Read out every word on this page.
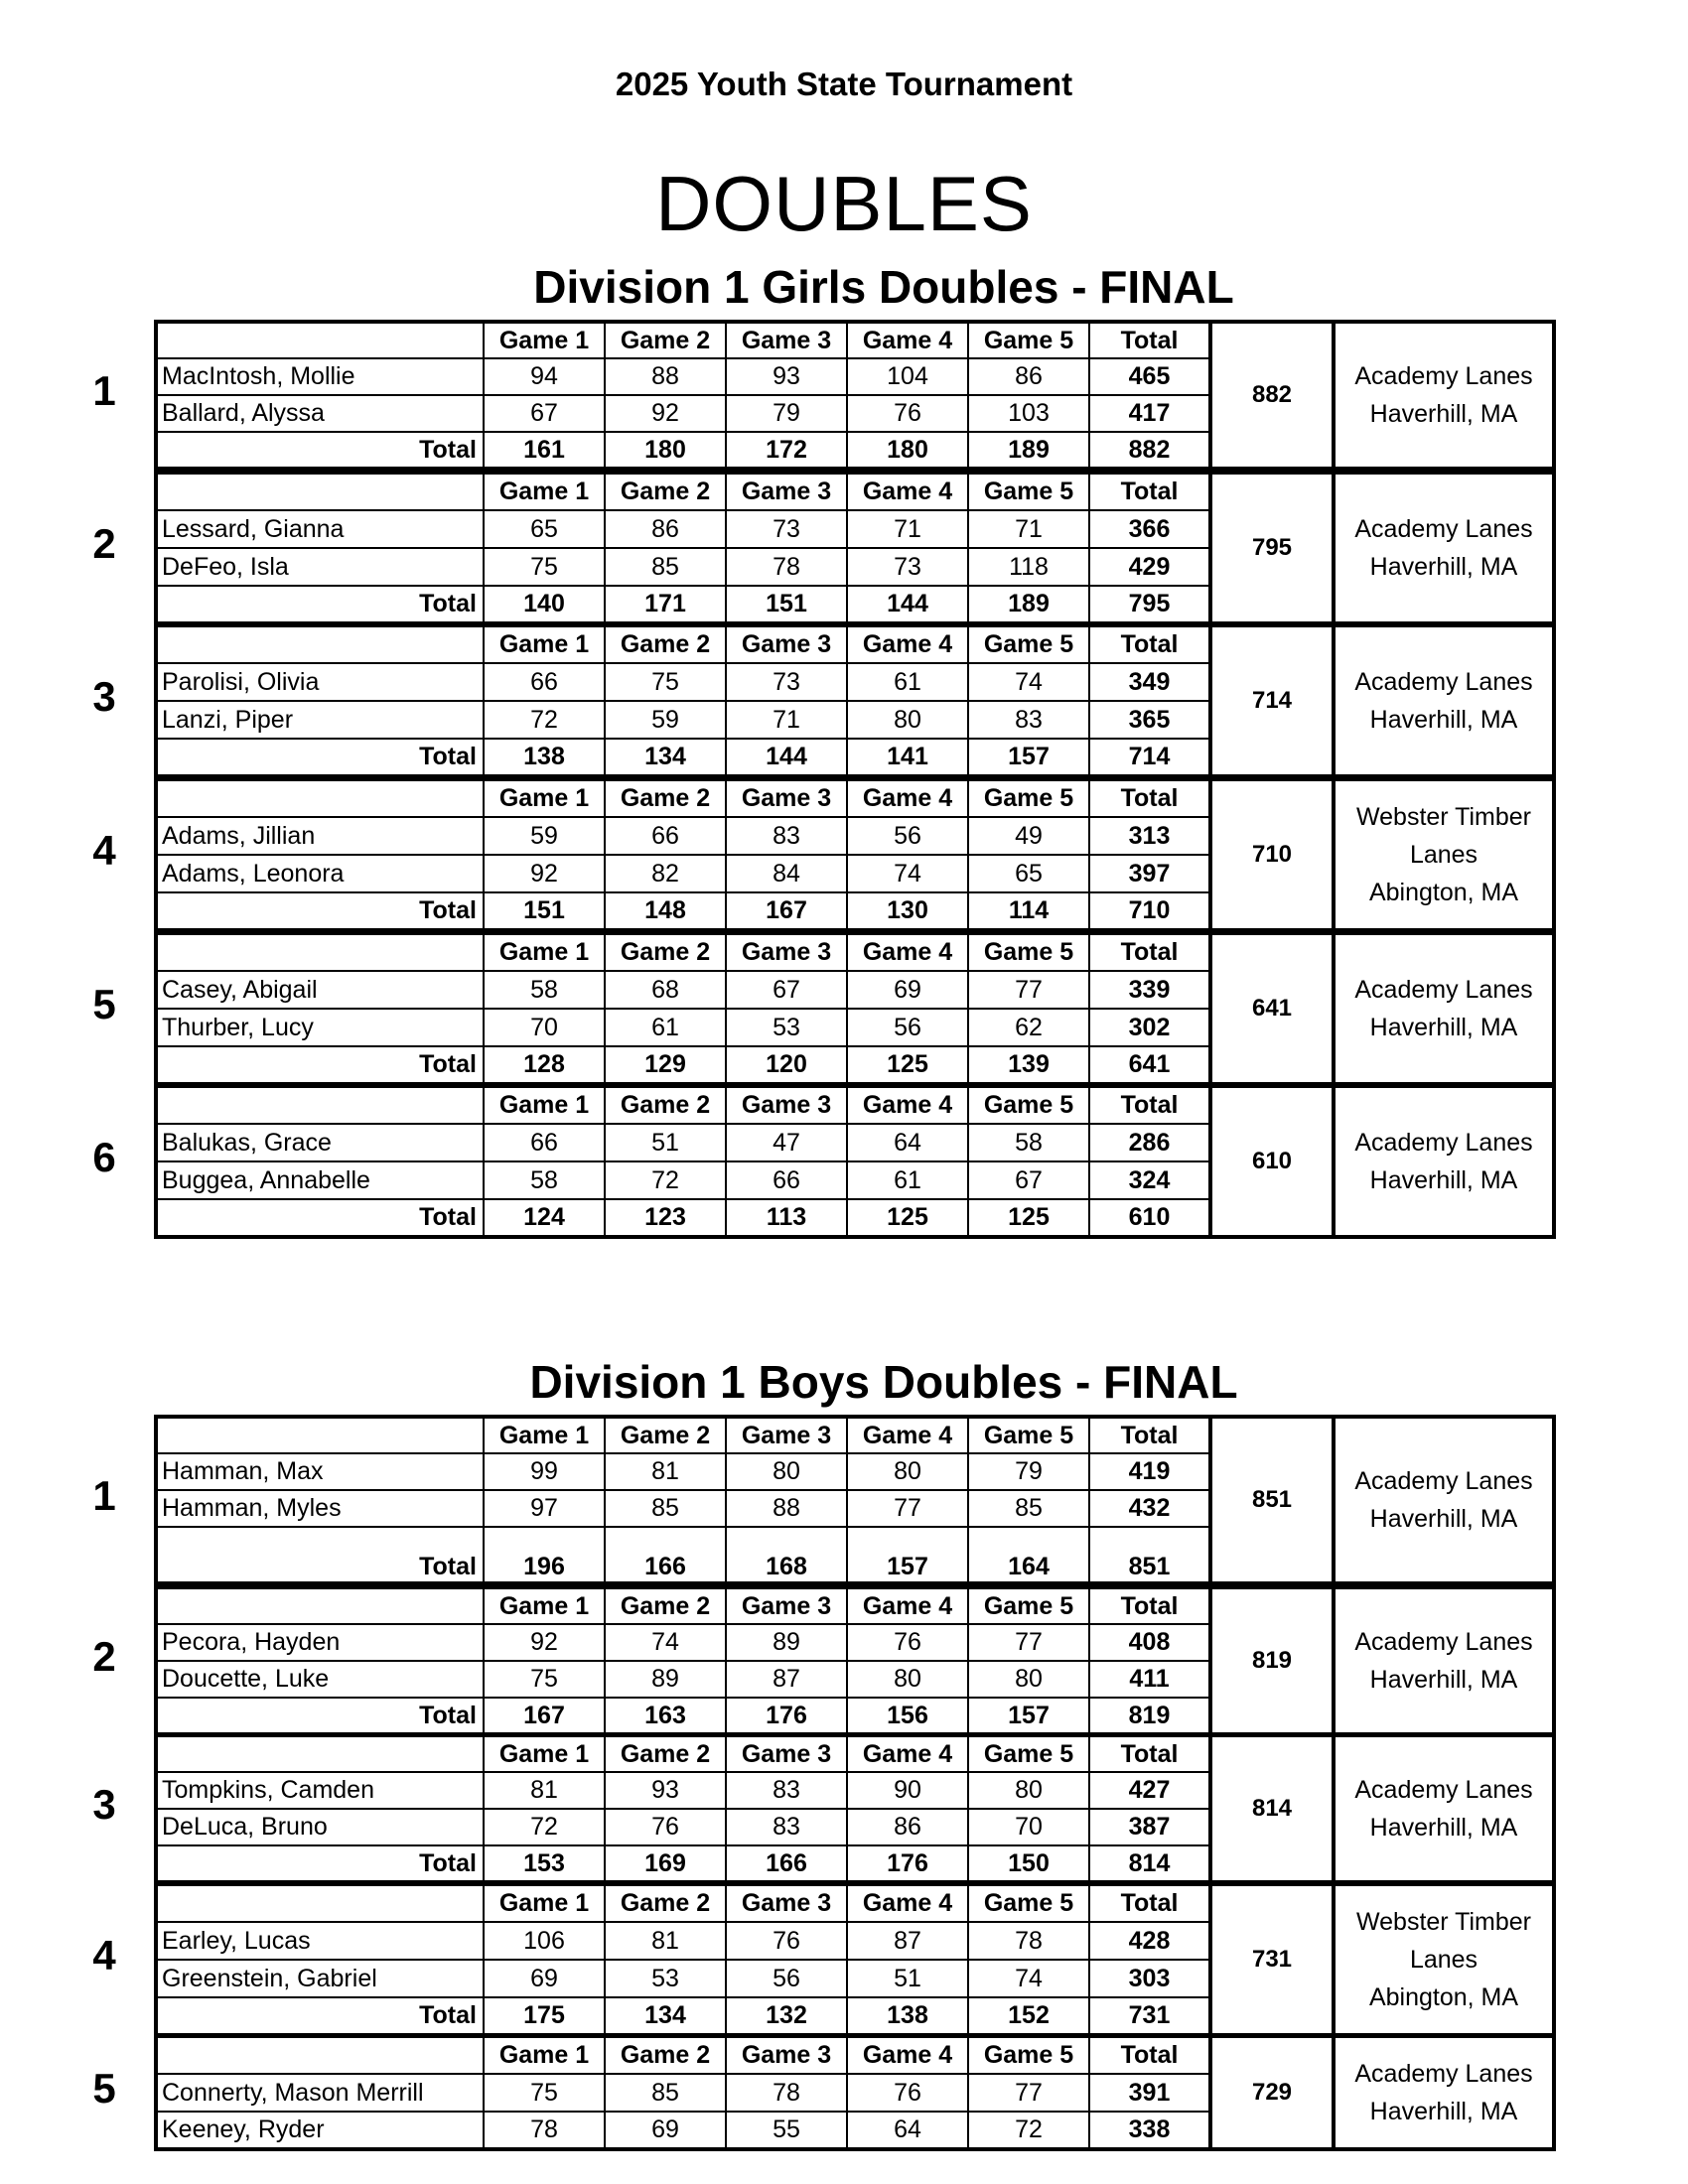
2025 Youth State Tournament
DOUBLES
Division 1 Girls Doubles - FINAL
1
	Game 1	Game 2	Game 3	Game 4	Game 5	Total	882	Academy Lanes
Haverhill, MA

MacIntosh, Mollie	94	88	93	104	86	465		
Ballard, Alyssa	67	92	79	76	103	417		
Total	161	180	172	180	189	882		
2
	Game 1	Game 2	Game 3	Game 4	Game 5	Total	795	Academy Lanes
Haverhill, MA

Lessard, Gianna	65	86	73	71	71	366		
DeFeo, Isla	75	85	78	73	118	429		
Total	140	171	151	144	189	795		
3
	Game 1	Game 2	Game 3	Game 4	Game 5	Total	714	Academy Lanes
Haverhill, MA

Parolisi, Olivia	66	75	73	61	74	349		
Lanzi, Piper	72	59	71	80	83	365		
Total	138	134	144	141	157	714		
4
	Game 1	Game 2	Game 3	Game 4	Game 5	Total	710	Webster Timber
Lanes
Abington, MA

Adams, Jillian	59	66	83	56	49	313		
Adams, Leonora	92	82	84	74	65	397		
Total	151	148	167	130	114	710		
5
	Game 1	Game 2	Game 3	Game 4	Game 5	Total	641	Academy Lanes
Haverhill, MA

Casey, Abigail	58	68	67	69	77	339		
Thurber, Lucy	70	61	53	56	62	302		
Total	128	129	120	125	139	641		
6
	Game 1	Game 2	Game 3	Game 4	Game 5	Total	610	Academy Lanes
Haverhill, MA

Balukas, Grace	66	51	47	64	58	286		
Buggea, Annabelle	58	72	66	61	67	324		
Total	124	123	113	125	125	610		
Division 1 Boys Doubles - FINAL
1
	Game 1	Game 2	Game 3	Game 4	Game 5	Total	851	Academy Lanes
Haverhill, MA

Hamman, Max	99	81	80	80	79	419		
Hamman, Myles	97	85	88	77	85	432		
Total	196	166	168	157	164	851		
2
	Game 1	Game 2	Game 3	Game 4	Game 5	Total	819	Academy Lanes
Haverhill, MA

Pecora, Hayden	92	74	89	76	77	408		
Doucette, Luke	75	89	87	80	80	411		
Total	167	163	176	156	157	819		
3
	Game 1	Game 2	Game 3	Game 4	Game 5	Total	814	Academy Lanes
Haverhill, MA

Tompkins, Camden	81	93	83	90	80	427		
DeLuca, Bruno	72	76	83	86	70	387		
Total	153	169	166	176	150	814		
4
	Game 1	Game 2	Game 3	Game 4	Game 5	Total	731	Webster Timber
Lanes
Abington, MA

Earley, Lucas	106	81	76	87	78	428		
Greenstein, Gabriel	69	53	56	51	74	303		
Total	175	134	132	138	152	731		
5
	Game 1	Game 2	Game 3	Game 4	Game 5	Total	729	Academy Lanes
Haverhill, MA

Connerty, Mason Merrill	75	85	78	76	77	391		
Keeney, Ryder	78	69	55	64	72	338		
